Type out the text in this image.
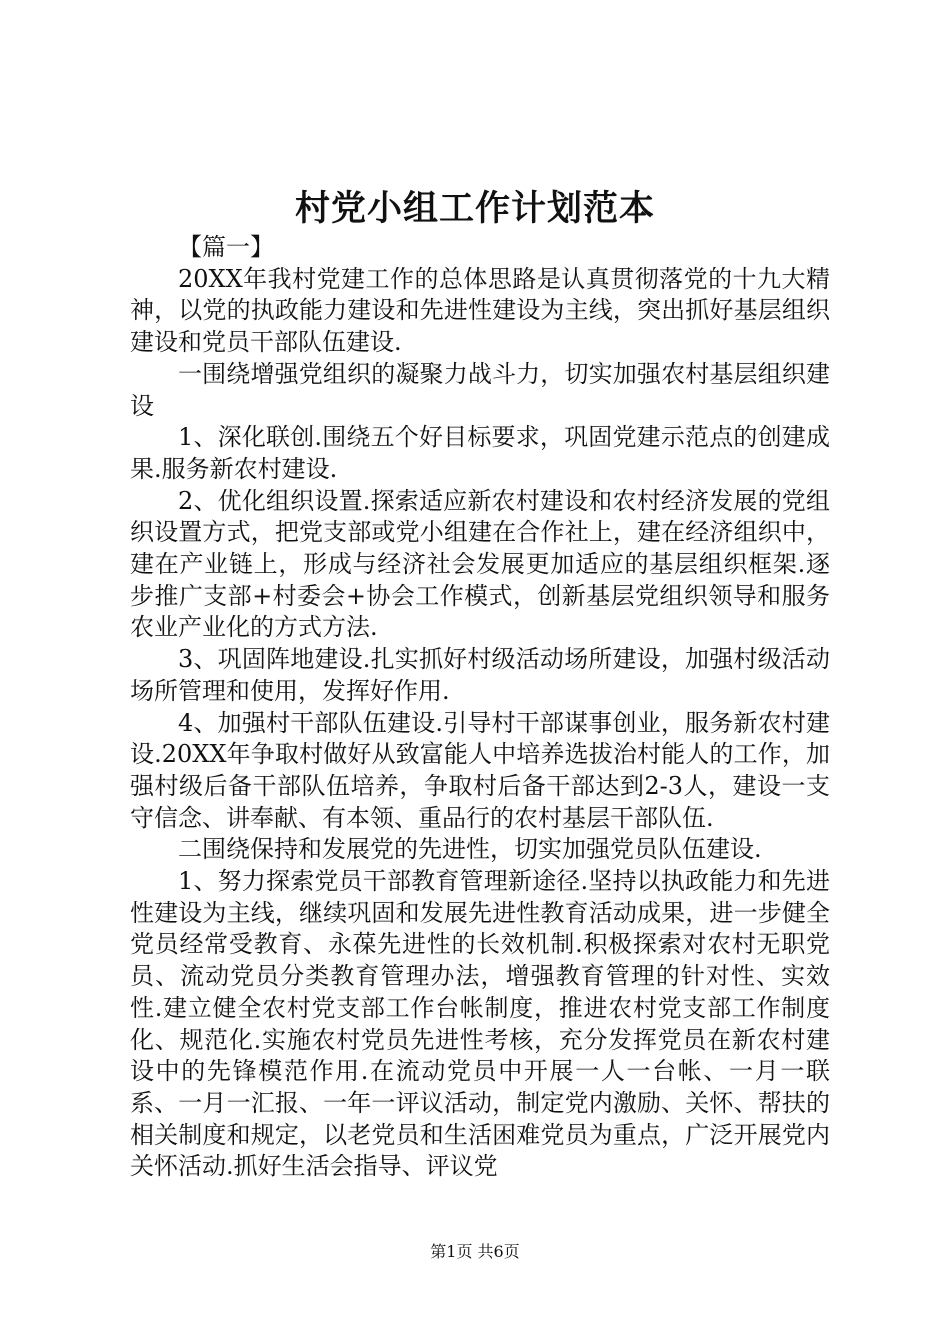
村党小组工作计划范本

【篇一】

20XX年我村党建工作的总体思路是认真贯彻落党的十九大精神，以党的执政能力建设和先进性建设为主线，突出抓好基层组织建设和党员干部队伍建设.

一围绕增强党组织的凝聚力战斗力，切实加强农村基层组织建设

1、深化联创.围绕五个好目标要求，巩固党建示范点的创建成果.服务新农村建设.

2、优化组织设置.探索适应新农村建设和农村经济发展的党组织设置方式，把党支部或党小组建在合作社上，建在经济组织中，建在产业链上，形成与经济社会发展更加适应的基层组织框架.逐步推广支部+村委会+协会工作模式，创新基层党组织领导和服务农业产业化的方式方法.

3、巩固阵地建设.扎实抓好村级活动场所建设，加强村级活动场所管理和使用，发挥好作用.

4、加强村干部队伍建设.引导村干部谋事创业，服务新农村建设.20XX年争取村做好从致富能人中培养选拔治村能人的工作，加强村级后备干部队伍培养，争取村后备干部达到2-3人，建设一支守信念、讲奉献、有本领、重品行的农村基层干部队伍.

二围绕保持和发展党的先进性，切实加强党员队伍建设.

1、努力探索党员干部教育管理新途径.坚持以执政能力和先进性建设为主线，继续巩固和发展先进性教育活动成果，进一步健全党员经常受教育、永葆先进性的长效机制.积极探索对农村无职党员、流动党员分类教育管理办法，增强教育管理的针对性、实效性.建立健全农村党支部工作台帐制度，推进农村党支部工作制度化、规范化.实施农村党员先进性考核，充分发挥党员在新农村建设中的先锋模范作用.在流动党员中开展一人一台帐、一月一联系、一月一汇报、一年一评议活动，制定党内激励、关怀、帮扶的相关制度和规定，以老党员和生活困难党员为重点，广泛开展党内关怀活动.抓好生活会指导、评议党

第1页 共6页
